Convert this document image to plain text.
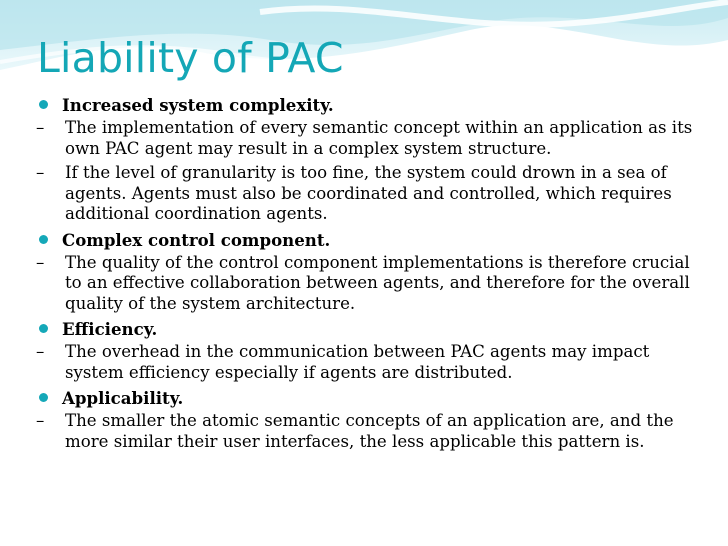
Liability of PAC
Increased system complexity.
– The implementation of every semantic concept within an application as its own PAC agent may result in a complex system structure.
– If the level of granularity is too fine, the system could drown in a sea of agents. Agents must also be coordinated and controlled, which requires additional coordination agents.
Complex control component.
– The quality of the control component implementations is therefore crucial to an effective collaboration between agents, and therefore for the overall quality of the system architecture.
Efficiency.
– The overhead in the communication between PAC agents may impact system efficiency especially if agents are distributed.
Applicability.
– The smaller the atomic semantic concepts of an application are, and the more similar their user interfaces, the less applicable this pattern is.
